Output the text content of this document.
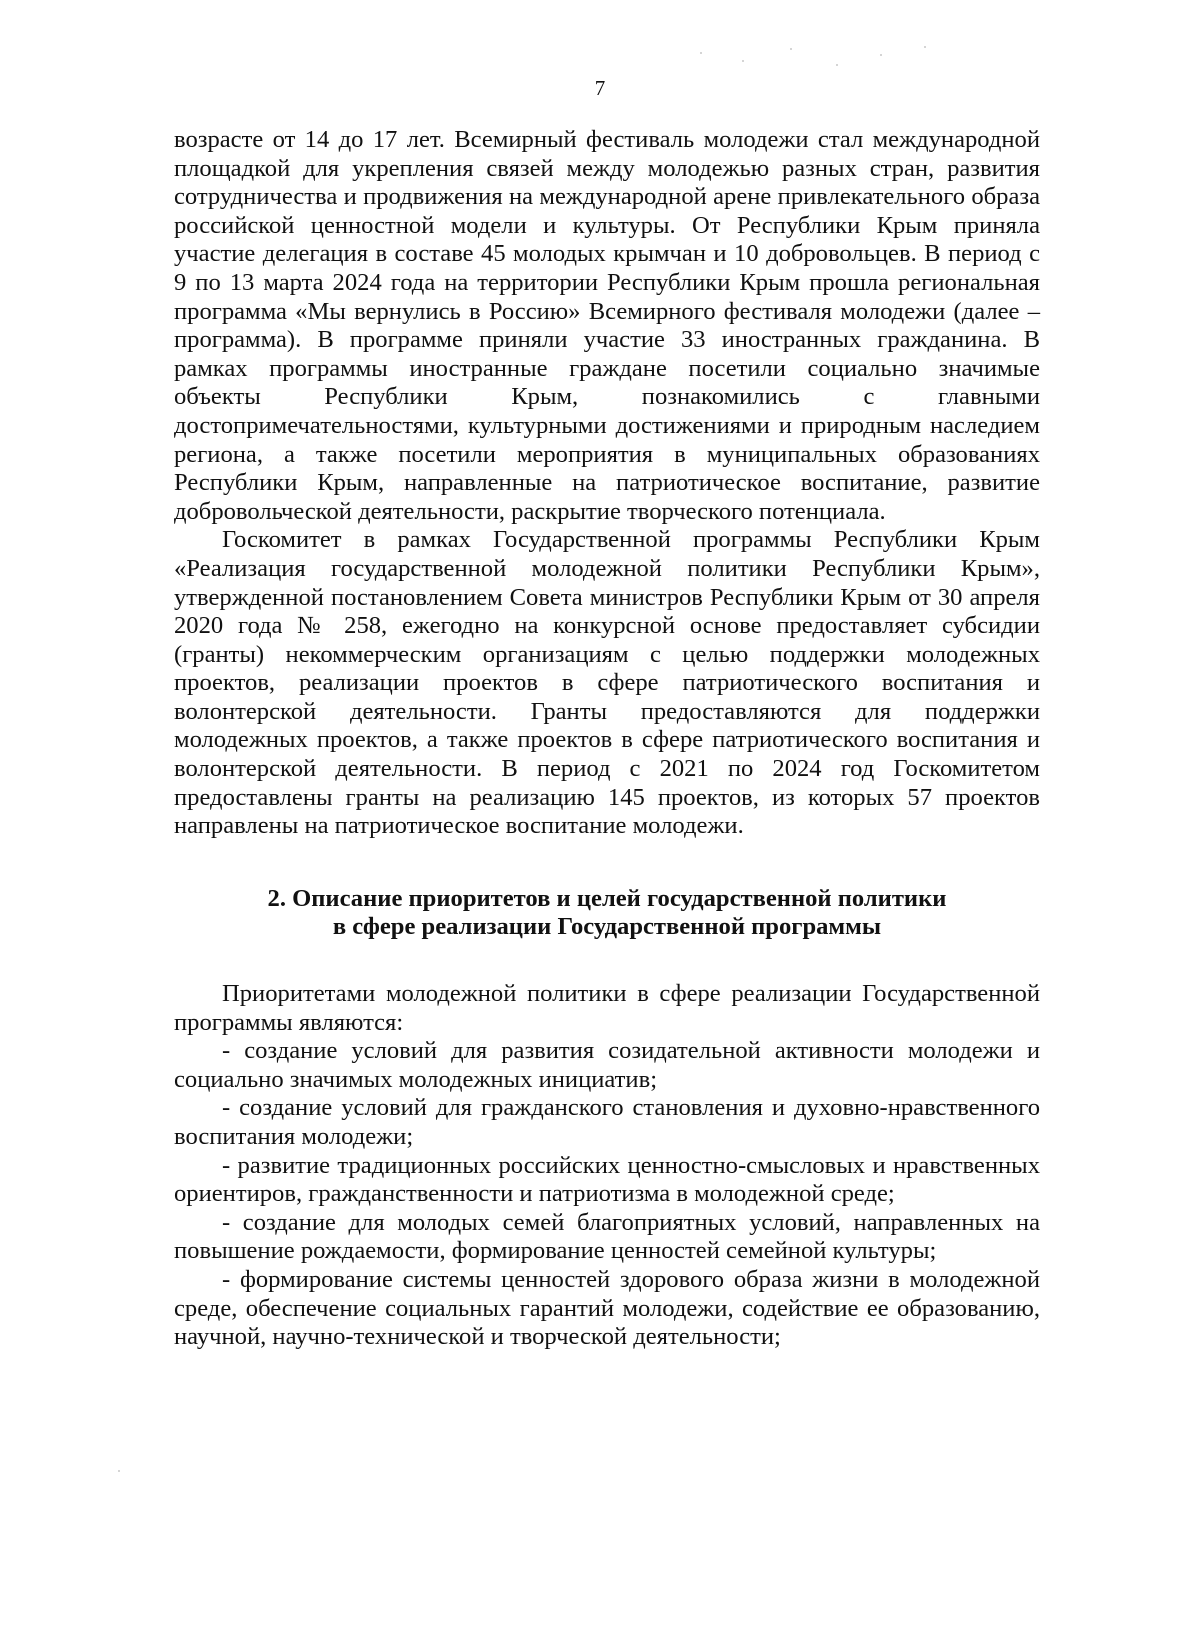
7

возрасте от 14 до 17 лет. Всемирный фестиваль молодежи стал международной площадкой для укрепления связей между молодежью разных стран, развития сотрудничества и продвижения на международной арене привлекательного образа российской ценностной модели и культуры. От Республики Крым приняла участие делегация в составе 45 молодых крымчан и 10 добровольцев. В период с 9 по 13 марта 2024 года на территории Республики Крым прошла региональная программа «Мы вернулись в Россию» Всемирного фестиваля молодежи (далее – программа). В программе приняли участие 33 иностранных гражданина. В рамках программы иностранные граждане посетили социально значимые объекты Республики Крым, познакомились с главными достопримечательностями, культурными достижениями и природным наследием региона, а также посетили мероприятия в муниципальных образованиях Республики Крым, направленные на патриотическое воспитание, развитие добровольческой деятельности, раскрытие творческого потенциала.

Госкомитет в рамках Государственной программы Республики Крым «Реализация государственной молодежной политики Республики Крым», утвержденной постановлением Совета министров Республики Крым от 30 апреля 2020 года № 258, ежегодно на конкурсной основе предоставляет субсидии (гранты) некоммерческим организациям с целью поддержки молодежных проектов, реализации проектов в сфере патриотического воспитания и волонтерской деятельности. Гранты предоставляются для поддержки молодежных проектов, а также проектов в сфере патриотического воспитания и волонтерской деятельности. В период с 2021 по 2024 год Госкомитетом предоставлены гранты на реализацию 145 проектов, из которых 57 проектов направлены на патриотическое воспитание молодежи.

2. Описание приоритетов и целей государственной политики
в сфере реализации Государственной программы

Приоритетами молодежной политики в сфере реализации Государственной программы являются:

- создание условий для развития созидательной активности молодежи и социально значимых молодежных инициатив;

- создание условий для гражданского становления и духовно-нравственного воспитания молодежи;

- развитие традиционных российских ценностно-смысловых и нравственных ориентиров, гражданственности и патриотизма в молодежной среде;

- создание для молодых семей благоприятных условий, направленных на повышение рождаемости, формирование ценностей семейной культуры;

- формирование системы ценностей здорового образа жизни в молодежной среде, обеспечение социальных гарантий молодежи, содействие ее образованию, научной, научно-технической и творческой деятельности;
